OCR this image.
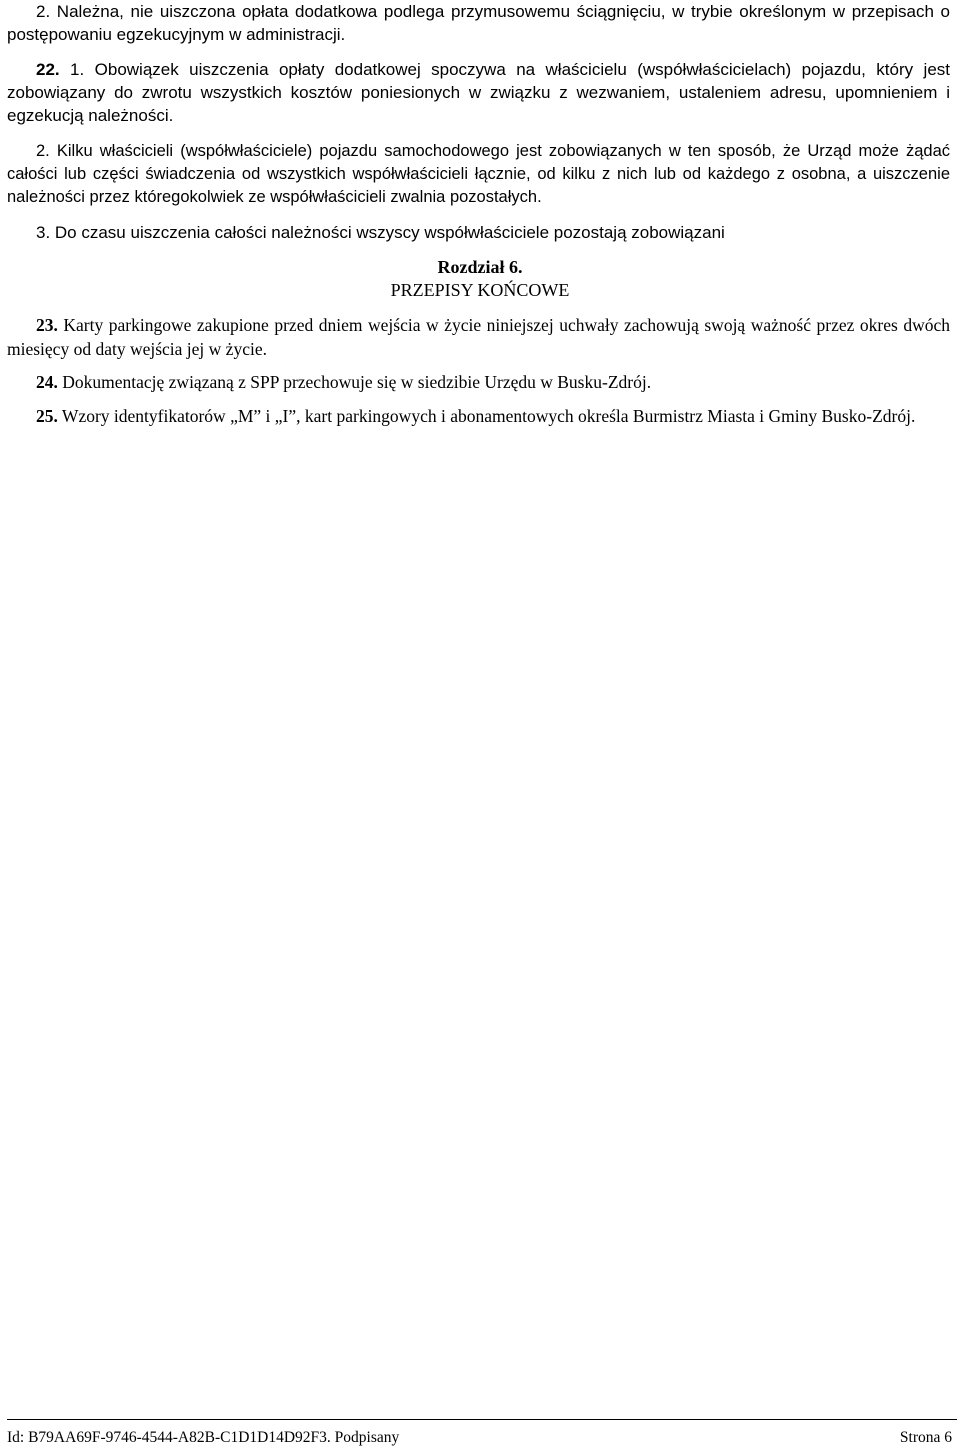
2. Należna, nie uiszczona opłata dodatkowa podlega przymusowemu ściągnięciu, w trybie określonym w przepisach o postępowaniu egzekucyjnym w administracji.

22. 1. Obowiązek uiszczenia opłaty dodatkowej spoczywa na właścicielu (współwłaścicielach) pojazdu, który jest zobowiązany do zwrotu wszystkich kosztów poniesionych w związku z wezwaniem, ustaleniem adresu, upomnieniem i egzekucją należności.

2. Kilku właścicieli (współwłaściciele) pojazdu samochodowego jest zobowiązanych w ten sposób, że Urząd może żądać całości lub części świadczenia od wszystkich współwłaścicieli łącznie, od kilku z nich lub od każdego z osobna, a uiszczenie należności przez któregokolwiek ze współwłaścicieli zwalnia pozostałych.

3. Do czasu uiszczenia całości należności wszyscy współwłaściciele pozostają zobowiązani

Rozdział 6.
PRZEPISY KOŃCOWE

23. Karty parkingowe zakupione przed dniem wejścia w życie niniejszej uchwały zachowują swoją ważność przez okres dwóch miesięcy od daty wejścia jej w życie.

24. Dokumentację związaną z SPP przechowuje się w siedzibie Urzędu w Busku-Zdrój.

25. Wzory identyfikatorów „M” i „I”, kart parkingowych i abonamentowych określa Burmistrz Miasta i Gminy Busko-Zdrój.

Id: B79AA69F-9746-4544-A82B-C1D1D14D92F3. Podpisany	Strona 6
